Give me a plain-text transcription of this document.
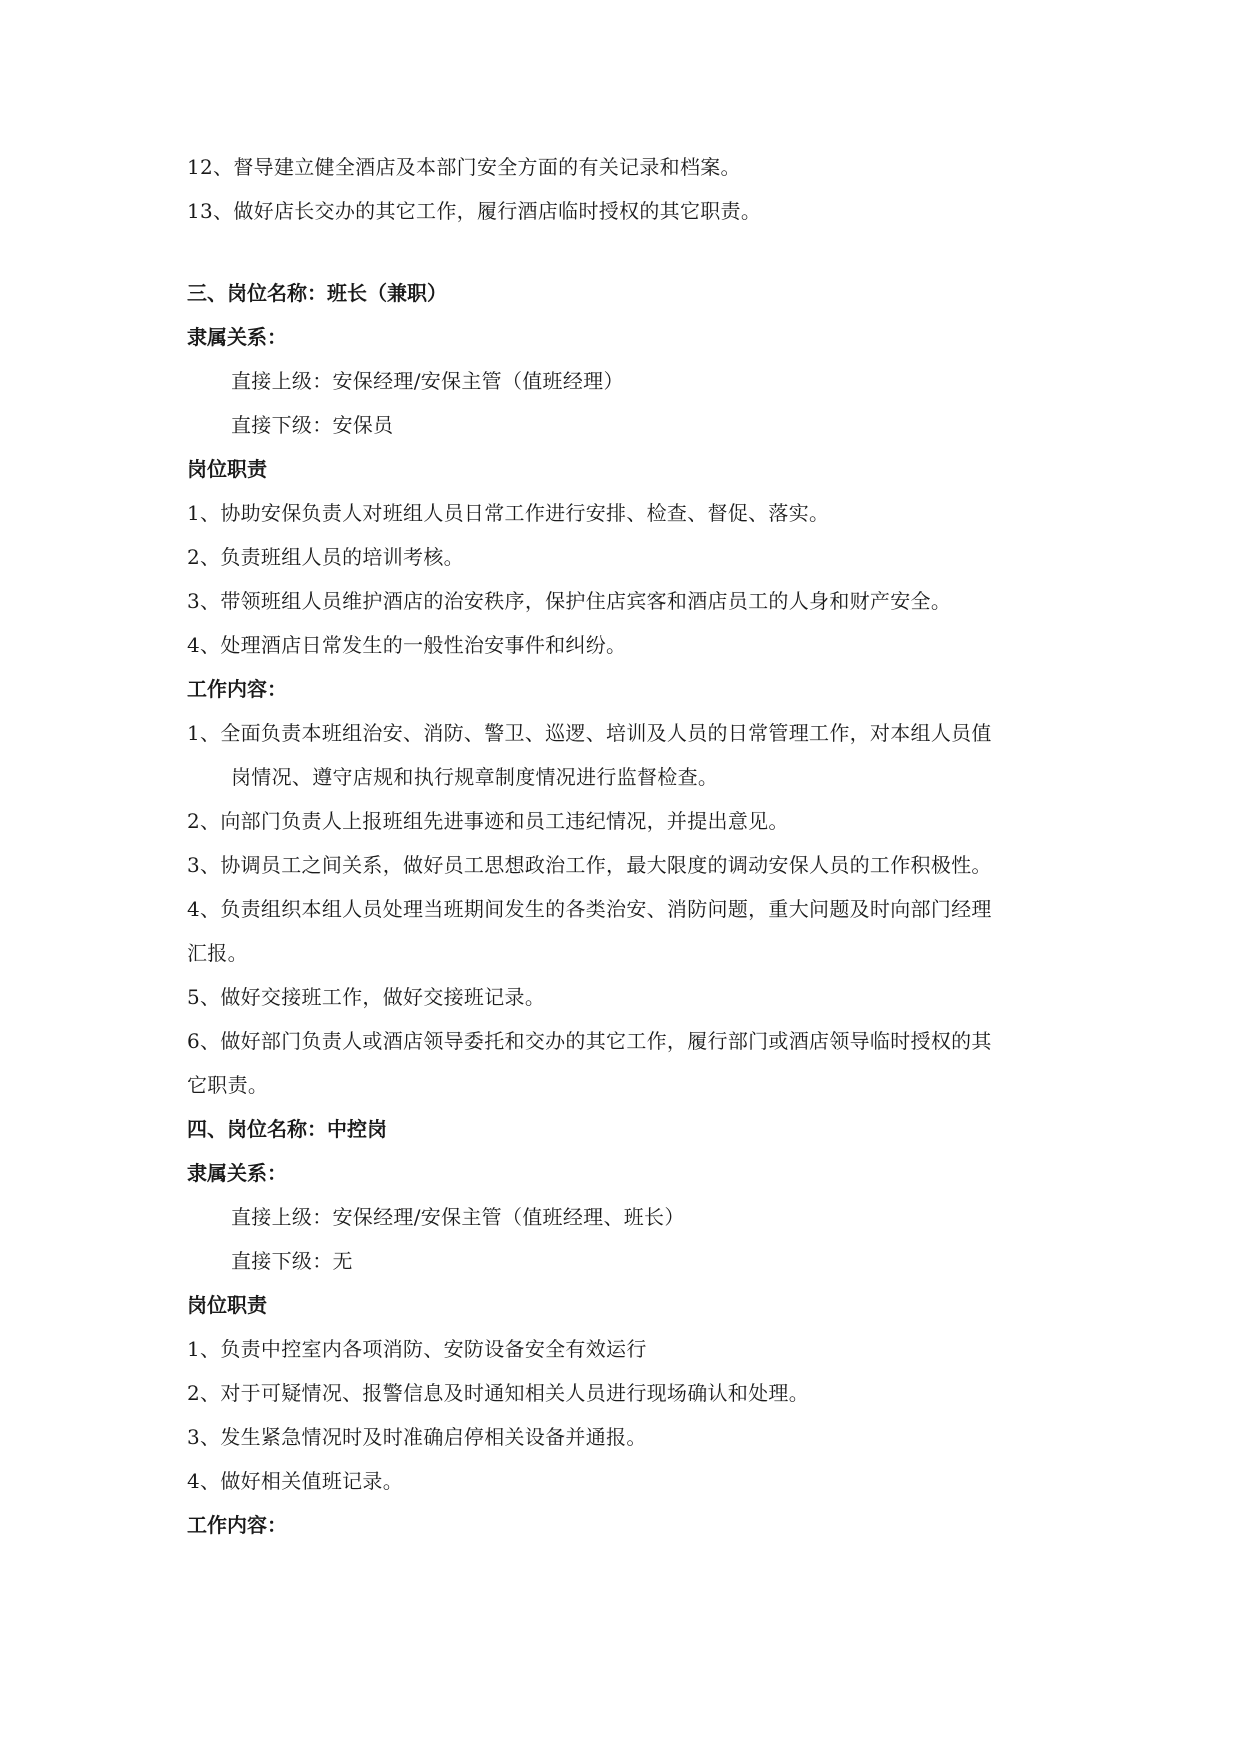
12、督导建立健全酒店及本部门安全方面的有关记录和档案。
13、做好店长交办的其它工作，履行酒店临时授权的其它职责。
三、岗位名称：班长（兼职）
隶属关系：
直接上级：安保经理/安保主管（值班经理）
直接下级：安保员
岗位职责
1、协助安保负责人对班组人员日常工作进行安排、检查、督促、落实。
2、负责班组人员的培训考核。
3、带领班组人员维护酒店的治安秩序，保护住店宾客和酒店员工的人身和财产安全。
4、处理酒店日常发生的一般性治安事件和纠纷。
工作内容：
1、全面负责本班组治安、消防、警卫、巡逻、培训及人员的日常管理工作，对本组人员值
岗情况、遵守店规和执行规章制度情况进行监督检查。
2、向部门负责人上报班组先进事迹和员工违纪情况，并提出意见。
3、协调员工之间关系，做好员工思想政治工作，最大限度的调动安保人员的工作积极性。
4、负责组织本组人员处理当班期间发生的各类治安、消防问题，重大问题及时向部门经理
汇报。
5、做好交接班工作，做好交接班记录。
6、做好部门负责人或酒店领导委托和交办的其它工作，履行部门或酒店领导临时授权的其
它职责。
四、岗位名称：中控岗
隶属关系：
直接上级：安保经理/安保主管（值班经理、班长）
直接下级：无
岗位职责
1、负责中控室内各项消防、安防设备安全有效运行
2、对于可疑情况、报警信息及时通知相关人员进行现场确认和处理。
3、发生紧急情况时及时准确启停相关设备并通报。
4、做好相关值班记录。
工作内容：
